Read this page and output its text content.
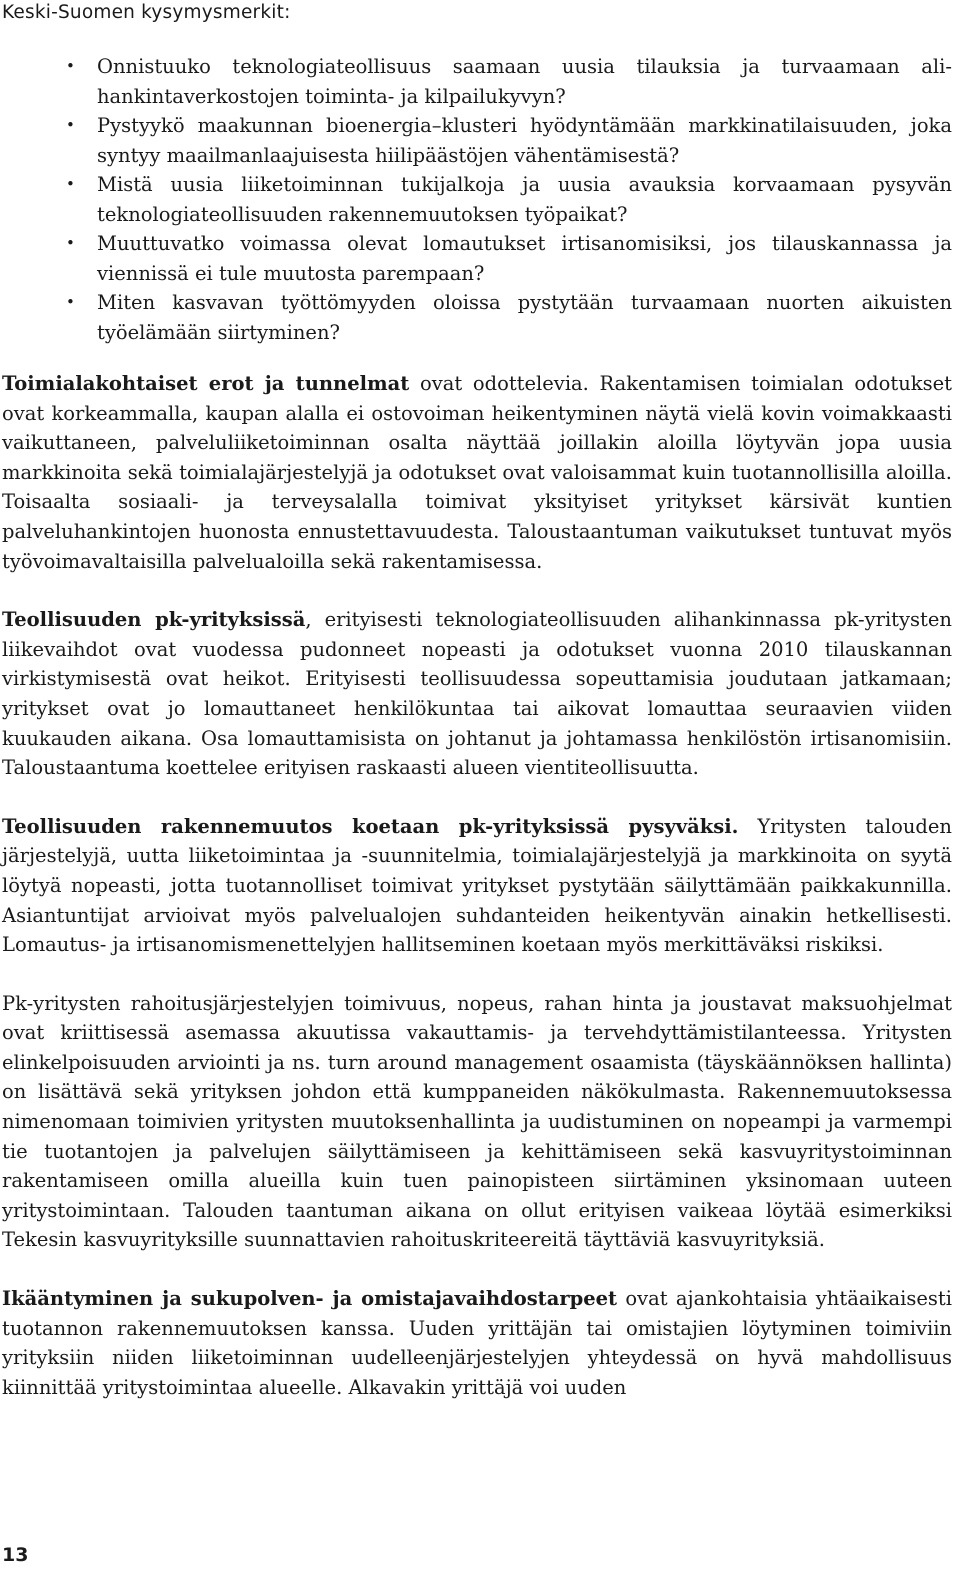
Keski-Suomen kysymysmerkit:
• Onnistuuko teknologiateollisuus saamaan uusia tilauksia ja turvaamaan alihankintaverkostojen toiminta- ja kilpailukyvyn?
• Pystyykö maakunnan bioenergia–klusteri hyödyntämään markkinatilaisuuden, joka syntyy maailmanlaajuisesta hiilipäästöjen vähentämisestä?
• Mistä uusia liiketoiminnan tukijalkoja ja uusia avauksia korvaamaan pysyvän teknologiateollisuuden rakennemuutoksen työpaikat?
• Muuttuvatko voimassa olevat lomautukset irtisanomisiksi, jos tilauskannassa ja viennissä ei tule muutosta parempaan?
• Miten kasvavan työttömyyden oloissa pystytään turvaamaan nuorten aikuisten työelämään siirtyminen?

Toimialakohtaiset erot ja tunnelmat ovat odottelevia. Rakentamisen toimialan odotukset ovat korkeammalla, kaupan alalla ei ostovoiman heikentyminen näytä vielä kovin voimakkaasti vaikuttaneen, palveluliiketoiminnan osalta näyttää joillakin aloilla löytyvän jopa uusia markkinoita sekä toimialajärjestelyjä ja odotukset ovat valoisammat kuin tuotannollisilla aloilla. Toisaalta sosiaali- ja terveysalalla toimivat yksityiset yritykset kärsivät kuntien palveluhankintojen huonosta ennustettavuudesta. Taloustaantuman vaikutukset tuntuvat myös työvoimavaltaisilla palvelualoilla sekä rakentamisessa.

Teollisuuden pk-yrityksissä, erityisesti teknologiateollisuuden alihankinnassa pk-yritysten liikevaihdot ovat vuodessa pudonneet nopeasti ja odotukset vuonna 2010 tilauskannan virkistymisestä ovat heikot. Erityisesti teollisuudessa sopeuttamisia joudutaan jatkamaan; yritykset ovat jo lomauttaneet henkilökuntaa tai aikovat lomauttaa seuraavien viiden kuukauden aikana. Osa lomauttamisista on johtanut ja johtamassa henkilöstön irtisanomisiin. Taloustaantuma koettelee erityisen raskaasti alueen vientiteollisuutta.

Teollisuuden rakennemuutos koetaan pk-yrityksissä pysyväksi. Yritysten talouden järjestelyjä, uutta liiketoimintaa ja -suunnitelmia, toimialajärjestelyjä ja markkinoita on syytä löytyä nopeasti, jotta tuotannolliset toimivat yritykset pystytään säilyttämään paikkakunnilla. Asiantuntijat arvioivat myös palvelualojen suhdanteiden heikentyvän ainakin hetkellisesti. Lomautus- ja irtisanomismenettelyjen hallitseminen koetaan myös merkittäväksi riskiksi.

Pk-yritysten rahoitusjärjestelyjen toimivuus, nopeus, rahan hinta ja joustavat maksuohjelmat ovat kriittisessä asemassa akuutissa vakauttamis- ja tervehdyttämistilanteessa. Yritysten elinkelpoisuuden arviointi ja ns. turn around management osaamista (täyskäännöksen hallinta) on lisättävä sekä yrityksen johdon että kumppaneiden näkökulmasta. Rakennemuutoksessa nimenomaan toimivien yritysten muutoksenhallinta ja uudistuminen on nopeampi ja varmempi tie tuotantojen ja palvelujen säilyttämiseen ja kehittämiseen sekä kasvuyritystoiminnan rakentamiseen omilla alueilla kuin tuen painopisteen siirtäminen yksinomaan uuteen yritystoimintaan. Talouden taantuman aikana on ollut erityisen vaikeaa löytää esimerkiksi Tekesin kasvuyrityksille suunnattavien rahoituskriteereitä täyttäviä kasvuyrityksiä.

Ikääntyminen ja sukupolven- ja omistajavaihdostarpeet ovat ajankohtaisia yhtäaikaisesti tuotannon rakennemuutoksen kanssa. Uuden yrittäjän tai omistajien löytyminen toimiviin yrityksiin niiden liiketoiminnan uudelleenjärjestelyjen yhteydessä on hyvä mahdollisuus kiinnittää yritystoimintaa alueelle. Alkavakin yrittäjä voi uuden

13
